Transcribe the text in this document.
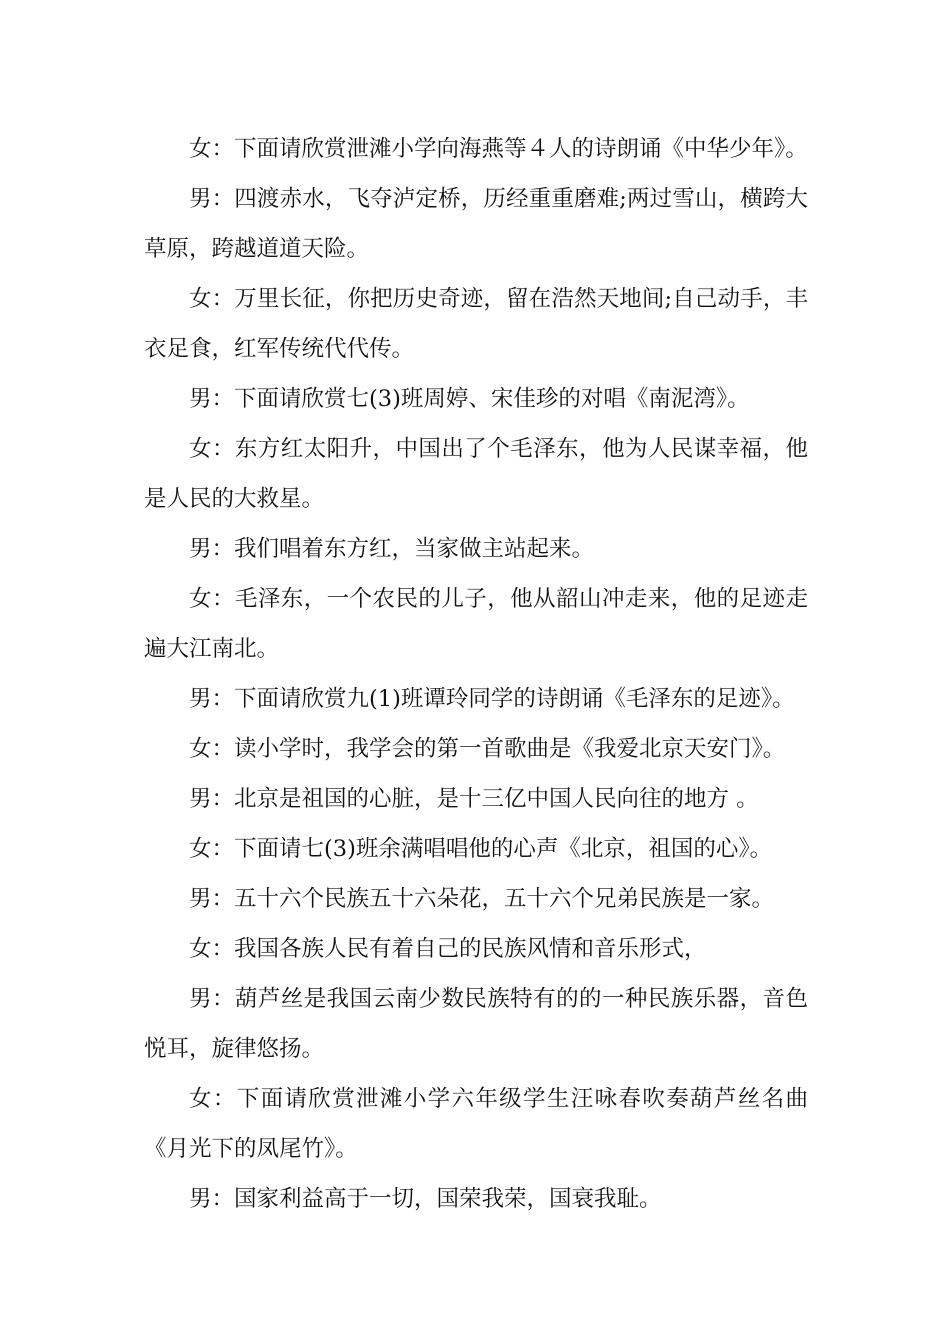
女：下面请欣赏泄滩小学向海燕等４人的诗朗诵《中华少年》。

男：四渡赤水，飞夺泸定桥，历经重重磨难;两过雪山，横跨大草原，跨越道道天险。

女：万里长征，你把历史奇迹，留在浩然天地间;自己动手，丰衣足食，红军传统代代传。

男：下面请欣赏七(3)班周婷、宋佳珍的对唱《南泥湾》。

女：东方红太阳升，中国出了个毛泽东，他为人民谋幸福，他是人民的大救星。

男：我们唱着东方红，当家做主站起来。

女：毛泽东，一个农民的儿子，他从韶山冲走来，他的足迹走遍大江南北。

男：下面请欣赏九(1)班谭玲同学的诗朗诵《毛泽东的足迹》。

女：读小学时，我学会的第一首歌曲是《我爱北京天安门》。

男：北京是祖国的心脏，是十三亿中国人民向往的地方 。

女：下面请七(3)班余满唱唱他的心声《北京，祖国的心》。

男：五十六个民族五十六朵花，五十六个兄弟民族是一家。

女：我国各族人民有着自己的民族风情和音乐形式，

男：葫芦丝是我国云南少数民族特有的的一种民族乐器，音色悦耳，旋律悠扬。

女：下面请欣赏泄滩小学六年级学生汪咏春吹奏葫芦丝名曲《月光下的凤尾竹》。

男：国家利益高于一切，国荣我荣，国衰我耻。
